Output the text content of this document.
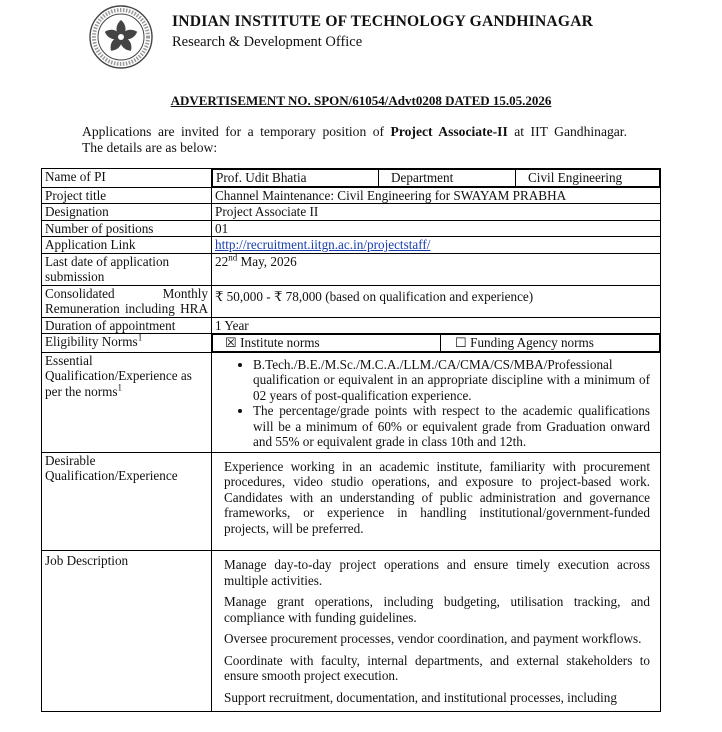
INDIAN INSTITUTE OF TECHNOLOGY GANDHINAGAR
Research & Development Office
ADVERTISEMENT NO. SPON/61054/Advt0208 DATED 15.05.2026
Applications are invited for a temporary position of Project Associate-II at IIT Gandhinagar.
The details are as below:
Name of PI		Prof. Udit Bhatia	Department	Civil Engineering

Project title	Channel Maintenance: Civil Engineering for SWAYAM PRABHA
Designation	Project Associate II
Number of positions	01
Application Link	http://recruitment.iitgn.ac.in/projectstaff/
Last date of application submission	22nd May, 2026

Consolidated Monthly Remuneration including HRA
	₹ 50,000 - ₹ 78,000 (based on qualification and experience)
Duration of appointment	1 Year
Eligibility Norms$^1$		☒ Institute norms	☐ Funding Agency norms

Essential Qualification/Experience as per the norms$^1$	
• B.Tech./B.E./M.Sc./M.C.A./LLM./CA/CMA/CS/MBA/Professional qualification or equivalent in an appropriate discipline with a minimum of 02 years of post-qualification experience.
• The percentage/grade points with respect to the academic qualifications will be a minimum of 60% or equivalent grade from Graduation onward and 55% or equivalent grade in class 10th and 12th.

Desirable Qualification/Experience	
Experience working in an academic institute, familiarity with procurement procedures, video studio operations, and exposure to project-based work. Candidates with an understanding of public administration and governance frameworks, or experience in handling institutional/government-funded projects, will be preferred.

Job Description	Manage day-to-day project operations and ensure timely execution across multiple activities.

Manage grant operations, including budgeting, utilisation tracking, and compliance with funding guidelines.

Oversee procurement processes, vendor coordination, and payment workflows.

Coordinate with faculty, internal departments, and external stakeholders to ensure smooth project execution.

Support recruitment, documentation, and institutional processes, including
